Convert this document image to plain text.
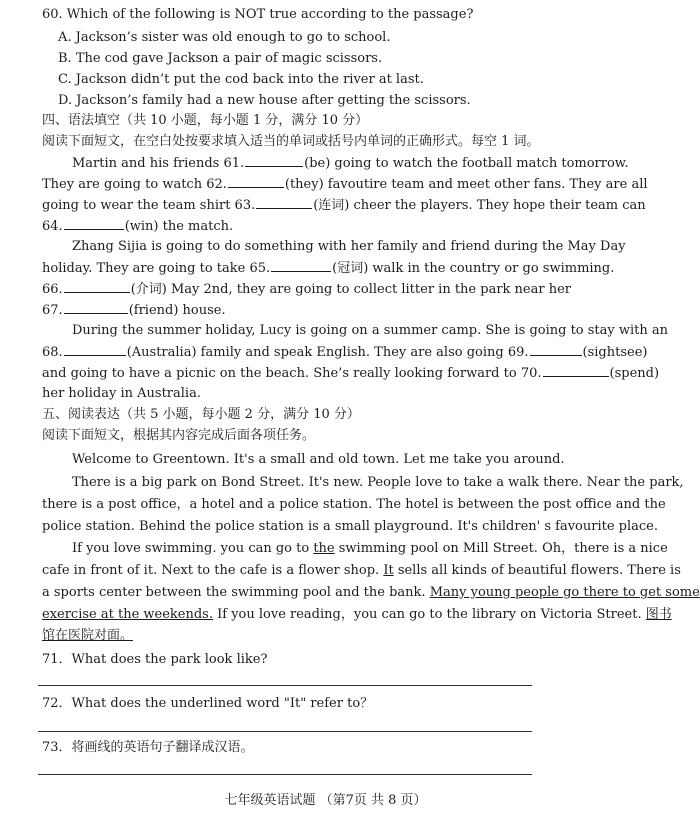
60. Which of the following is NOT true according to the passage?
A. Jackson’s sister was old enough to go to school.
B. The cod gave Jackson a pair of magic scissors.
C. Jackson didn’t put the cod back into the river at last.
D. Jackson’s family had a new house after getting the scissors.
四、语法填空（共 10 小题，每小题 1 分，满分 10 分）
阅读下面短文，在空白处按要求填入适当的单词或括号内单词的正确形式。每空 1 词。
Martin and his friends 61.	(be) going to watch the football match tomorrow.
They are going to watch 62.	(they) favoutire team and meet other fans. They are all
going to wear the team shirt 63.	(连词) cheer the players. They hope their team can
64.	(win) the match.
Zhang Sijia is going to do something with her family and friend during the May Day
holiday. They are going to take 65.	(冠词) walk in the country or go swimming.
66.	(介词) May 2nd, they are going to collect litter in the park near her
67.	(friend) house.
During the summer holiday, Lucy is going on a summer camp. She is going to stay with an
68.	(Australia) family and speak English. They are also going 69.	(sightsee)
and going to have a picnic on the beach. She’s really looking forward to 70.	(spend)
her holiday in Australia.
五、阅读表达（共 5 小题，每小题 2 分，满分 10 分）
阅读下面短文，根据其内容完成后面各项任务。
Welcome to Greentown. It's a small and old town. Let me take you around.
There is a big park on Bond Street. It's new. People love to take a walk there. Near the park,
there is a post office，a hotel and a police station. The hotel is between the post office and the
police station. Behind the police station is a small playground. It's children' s favourite place.
If you love swimming. you can go to the swimming pool on Mill Street. Oh，there is a nice
cafe in front of it. Next to the cafe is a flower shop. It sells all kinds of beautiful flowers. There is
a sports center between the swimming pool and the bank. Many young people go there to get some
exercise at the weekends. If you love reading，you can go to the library on Victoria Street. 图书
馆在医院对面。
71．What does the park look like?
72．What does the underlined word "It" refer to？
73．将画线的英语句子翻译成汉语。
七年级英语试题 （第7页 共 8 页）
